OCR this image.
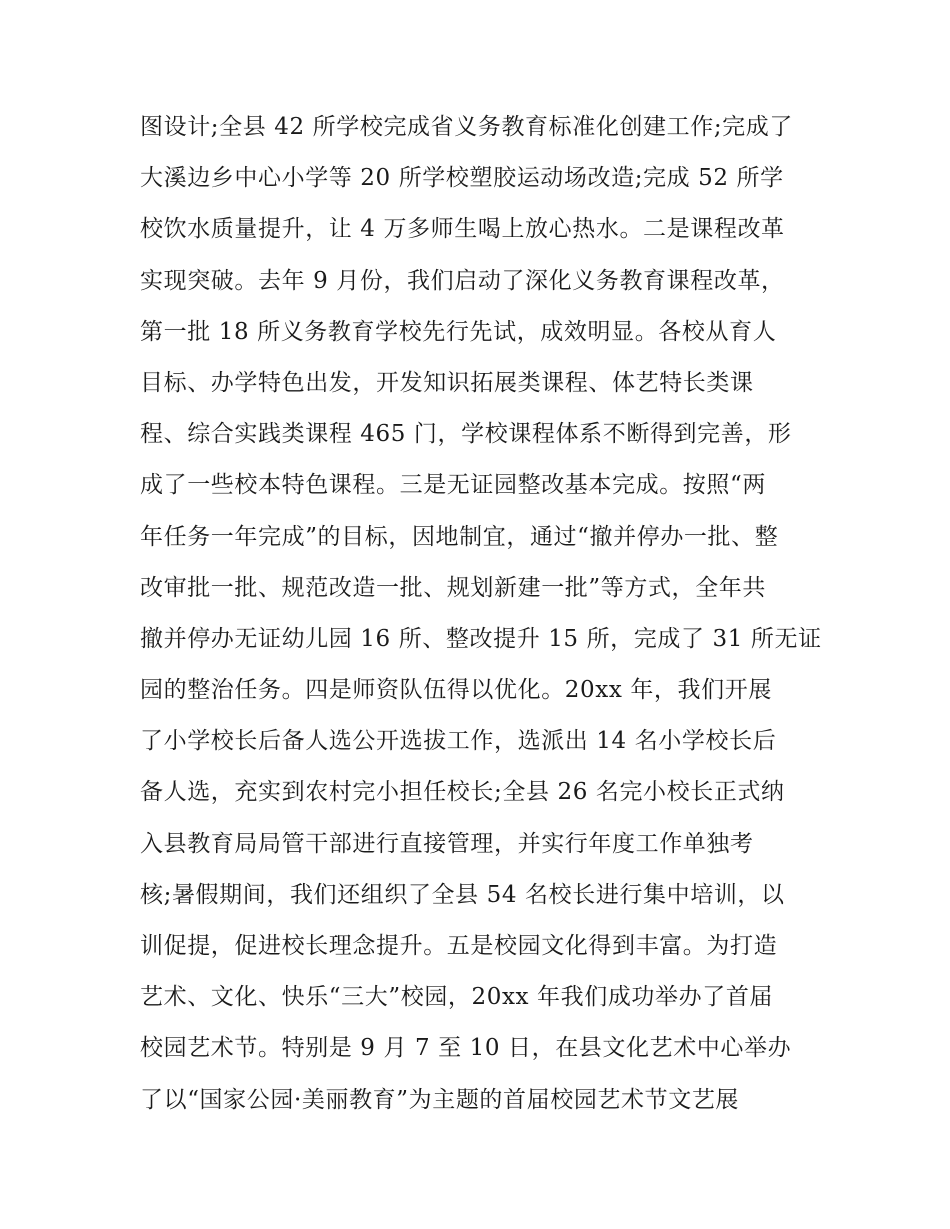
图设计;全县 42 所学校完成省义务教育标准化创建工作;完成了
大溪边乡中心小学等 20 所学校塑胶运动场改造;完成 52 所学
校饮水质量提升，让 4 万多师生喝上放心热水。二是课程改革
实现突破。去年 9 月份，我们启动了深化义务教育课程改革，
第一批 18 所义务教育学校先行先试，成效明显。各校从育人
目标、办学特色出发，开发知识拓展类课程、体艺特长类课
程、综合实践类课程 465 门，学校课程体系不断得到完善，形
成了一些校本特色课程。三是无证园整改基本完成。按照“两
年任务一年完成”的目标，因地制宜，通过“撤并停办一批、整
改审批一批、规范改造一批、规划新建一批”等方式，全年共
撤并停办无证幼儿园 16 所、整改提升 15 所，完成了 31 所无证
园的整治任务。四是师资队伍得以优化。20xx 年，我们开展
了小学校长后备人选公开选拔工作，选派出 14 名小学校长后
备人选，充实到农村完小担任校长;全县 26 名完小校长正式纳
入县教育局局管干部进行直接管理，并实行年度工作单独考
核;暑假期间，我们还组织了全县 54 名校长进行集中培训，以
训促提，促进校长理念提升。五是校园文化得到丰富。为打造
艺术、文化、快乐“三大”校园，20xx 年我们成功举办了首届
校园艺术节。特别是 9 月 7 至 10 日，在县文化艺术中心举办
了以“国家公园·美丽教育”为主题的首届校园艺术节文艺展
